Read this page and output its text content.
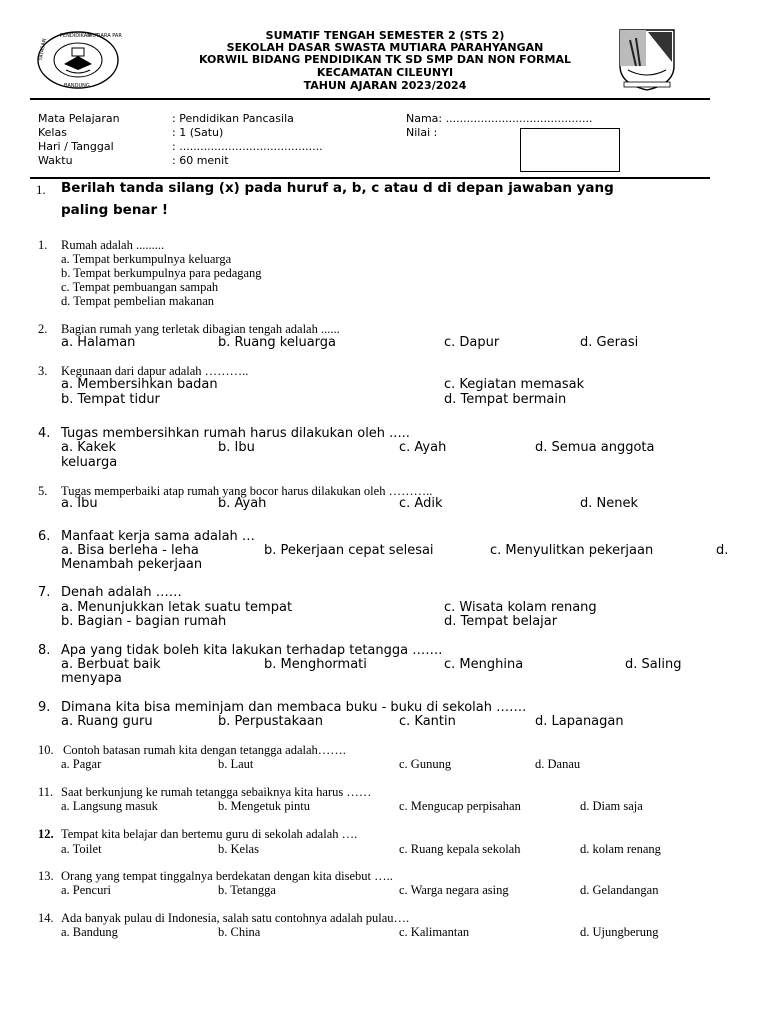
PENDIDIKAN
MUTIARA PAR
YAYASAN
BANDUNG
SUMATIF TENGAH SEMESTER 2 (STS 2)
SEKOLAH DASAR SWASTA MUTIARA PARAHYANGAN
KORWIL BIDANG PENDIDIKAN TK SD SMP DAN NON FORMAL
KECAMATAN CILEUNYI
TAHUN AJARAN 2023/2024
Mata Pelajaran	: Pendidikan Pancasila
Kelas	: 1 (Satu)
Hari / Tanggal	: .........................................
Waktu	: 60 menit
Nama: ..........................................
Nilai :
1. Berilah tanda silang (x) pada huruf a, b, c atau d di depan jawaban yang
paling benar !
1. Rumah adalah .........
a. Tempat berkumpulnya keluarga
b. Tempat berkumpulnya para pedagang
c. Tempat pembuangan sampah
d. Tempat pembelian makanan
2. Bagian rumah yang terletak dibagian tengah adalah ......
a. Halaman	b. Ruang keluarga	c. Dapur	d. Gerasi
3. Kegunaan dari dapur adalah ………..
a. Membersihkan badan	c. Kegiatan memasak
b. Tempat tidur	d. Tempat bermain
4. Tugas membersihkan rumah harus dilakukan oleh .....
a. Kakek	b. Ibu	c. Ayah	d. Semua anggota
keluarga
5. Tugas memperbaiki atap rumah yang bocor harus dilakukan oleh ………..
a. Ibu	b. Ayah	c. Adik	d. Nenek
6. Manfaat kerja sama adalah …
a. Bisa berleha - leha	b. Pekerjaan cepat selesai	c. Menyulitkan pekerjaan	d.
Menambah pekerjaan
7. Denah adalah ……
a. Menunjukkan letak suatu tempat	c. Wisata kolam renang
b. Bagian - bagian rumah	d. Tempat belajar
8. Apa yang tidak boleh kita lakukan terhadap tetangga …….
a. Berbuat baik	b. Menghormati	c. Menghina	d. Saling
menyapa
9. Dimana kita bisa meminjam dan membaca buku - buku di sekolah …….
a. Ruang guru	b. Perpustakaan	c. Kantin	d. Lapanagan
10. Contoh batasan rumah kita dengan tetangga adalah…….
a. Pagar	b. Laut	c. Gunung	d. Danau
11. Saat berkunjung ke rumah tetangga sebaiknya kita harus ……
a. Langsung masuk	b. Mengetuk pintu	c. Mengucap perpisahan	d. Diam saja
12. Tempat kita belajar dan bertemu guru di sekolah adalah ….
a. Toilet	b. Kelas	c. Ruang kepala sekolah	d. kolam renang
13. Orang yang tempat tinggalnya berdekatan dengan kita disebut …..
a. Pencuri	b. Tetangga	c. Warga negara asing	d. Gelandangan
14. Ada banyak pulau di Indonesia, salah satu contohnya adalah pulau….
a. Bandung	b. China	c. Kalimantan	d. Ujungberung
